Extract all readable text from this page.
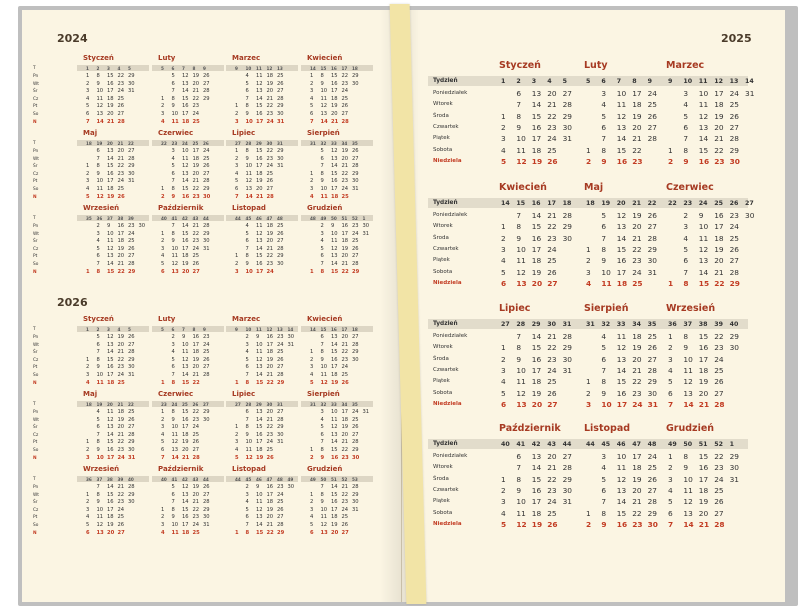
2024
2026
Styczeń
1 2 3 4 5
1 8 15 22 29
2 9 16 23 30
3 10 17 24 31
4 11 18 25
5 12 19 26
6 13 20 27
7 14 21 28
T
Pn
Wt
Śr
Cz
Pt
So
N
Luty
5 6 7 8 9
5 12 19 26
6 13 20 27
7 14 21 28
1 8 15 22 29
2 9 16 23
3 10 17 24
4 11 18 25
Marzec
9 10 11 12 13
4 11 18 25
5 12 19 26
6 13 20 27
7 14 21 28
1 8 15 22 29
2 9 16 23 30
3 10 17 24 31
Kwiecień
14 15 16 17 18
1 8 15 22 29
2 9 16 23 30
3 10 17 24
4 11 18 25
5 12 19 26
6 13 20 27
7 14 21 28
Maj
18 19 20 21 22
6 13 20 27
7 14 21 28
1 8 15 22 29
2 9 16 23 30
3 10 17 24 31
4 11 18 25
5 12 19 26
T
Pn
Wt
Śr
Cz
Pt
So
N
Czerwiec
22 23 24 25 26
3 10 17 24
4 11 18 25
5 12 19 26
6 13 20 27
7 14 21 28
1 8 15 22 29
2 9 16 23 30
Lipiec
27 28 29 30 31
1 8 15 22 29
2 9 16 23 30
3 10 17 24 31
4 11 18 25
5 12 19 26
6 13 20 27
7 14 21 28
Sierpień
31 32 33 34 35
5 12 19 26
6 13 20 27
7 14 21 28
1 8 15 22 29
2 9 16 23 30
3 10 17 24 31
4 11 18 25
Wrzesień
35 36 37 38 39
2 9 16 23 30
3 10 17 24
4 11 18 25
5 12 19 26
6 13 20 27
7 14 21 28
1 8 15 22 29
T
Pn
Wt
Śr
Cz
Pt
So
N
Październik
40 41 42 43 44
7 14 21 28
1 8 15 22 29
2 9 16 23 30
3 10 17 24 31
4 11 18 25
5 12 19 26
6 13 20 27
Listopad
44 45 46 47 48
4 11 18 25
5 12 19 26
6 13 20 27
7 14 21 28
1 8 15 22 29
2 9 16 23 30
3 10 17 24
Grudzień
48 49 50 51 52 1
2 9 16 23 30
3 10 17 24 31
4 11 18 25
5 12 19 26
6 13 20 27
7 14 21 28
1 8 15 22 29
Styczeń
1 2 3 4 5
5 12 19 26
6 13 20 27
7 14 21 28
1 8 15 22 29
2 9 16 23 30
3 10 17 24 31
4 11 18 25
T
Pn
Wt
Śr
Cz
Pt
So
N
Luty
5 6 7 8 9
2 9 16 23
3 10 17 24
4 11 18 25
5 12 19 26
6 13 20 27
7 14 21 28
1 8 15 22
Marzec
9 10 11 12 13 14
2 9 16 23 30
3 10 17 24 31
4 11 18 25
5 12 19 26
6 13 20 27
7 14 21 28
1 8 15 22 29
Kwiecień
14 15 16 17 18
6 13 20 27
7 14 21 28
1 8 15 22 29
2 9 16 23 30
3 10 17 24
4 11 18 25
5 12 19 26
Maj
18 19 20 21 22
4 11 18 25
5 12 19 26
6 13 20 27
7 14 21 28
1 8 15 22 29
2 9 16 23 30
3 10 17 24 31
T
Pn
Wt
Śr
Cz
Pt
So
N
Czerwiec
23 24 25 26 27
1 8 15 22 29
2 9 16 23 30
3 10 17 24
4 11 18 25
5 12 19 26
6 13 20 27
7 14 21 28
Lipiec
27 28 29 30 31
6 13 20 27
7 14 21 28
1 8 15 22 29
2 9 16 23 30
3 10 17 24 31
4 11 18 25
5 12 19 26
Sierpień
31 32 33 34 35
3 10 17 24 31
4 11 18 25
5 12 19 26
6 13 20 27
7 14 21 28
1 8 15 22 29
2 9 16 23 30
Wrzesień
36 37 38 39 40
7 14 21 28
1 8 15 22 29
2 9 16 23 30
3 10 17 24
4 11 18 25
5 12 19 26
6 13 20 27
T
Pn
Wt
Śr
Cz
Pt
So
N
Październik
40 41 42 43 44
5 12 19 26
6 13 20 27
7 14 21 28
1 8 15 22 29
2 9 16 23 30
3 10 17 24 31
4 11 18 25
Listopad
44 45 46 47 48 49
2 9 16 23 30
3 10 17 24
4 11 18 25
5 12 19 26
6 13 20 27
7 14 21 28
1 8 15 22 29
Grudzień
49 50 51 52 53
7 14 21 28
1 8 15 22 29
2 9 16 23 30
3 10 17 24 31
4 11 18 25
5 12 19 26
6 13 20 27
2025
Styczeń
Tydzień
Poniedziałek
Wtorek
Środa
Czwartek
Piątek
Sobota
Niedziela
1 2 3 4 5
6 13 20 27
7 14 21 28
1 8 15 22 29
2 9 16 23 30
3 10 17 24 31
4 11 18 25
5 12 19 26
Luty
5 6 7 8 9
3 10 17 24
4 11 18 25
5 12 19 26
6 13 20 27
7 14 21 28
1 8 15 22
2 9 16 23
Marzec
9 10 11 12 13 14
3 10 17 24 31
4 11 18 25
5 12 19 26
6 13 20 27
7 14 21 28
1 8 15 22 29
2 9 16 23 30
Kwiecień
Tydzień
Poniedziałek
Wtorek
Środa
Czwartek
Piątek
Sobota
Niedziela
14 15 16 17 18
7 14 21 28
1 8 15 22 29
2 9 16 23 30
3 10 17 24
4 11 18 25
5 12 19 26
6 13 20 27
Maj
18 19 20 21 22
5 12 19 26
6 13 20 27
7 14 21 28
1 8 15 22 29
2 9 16 23 30
3 10 17 24 31
4 11 18 25
Czerwiec
22 23 24 25 26 27
2 9 16 23 30
3 10 17 24
4 11 18 25
5 12 19 26
6 13 20 27
7 14 21 28
1 8 15 22 29
Lipiec
Tydzień
Poniedziałek
Wtorek
Środa
Czwartek
Piątek
Sobota
Niedziela
27 28 29 30 31
7 14 21 28
1 8 15 22 29
2 9 16 23 30
3 10 17 24 31
4 11 18 25
5 12 19 26
6 13 20 27
Sierpień
31 32 33 34 35
4 11 18 25
5 12 19 26
6 13 20 27
7 14 21 28
1 8 15 22 29
2 9 16 23 30
3 10 17 24 31
Wrzesień
36 37 38 39 40
1 8 15 22 29
2 9 16 23 30
3 10 17 24
4 11 18 25
5 12 19 26
6 13 20 27
7 14 21 28
Październik
Tydzień
Poniedziałek
Wtorek
Środa
Czwartek
Piątek
Sobota
Niedziela
40 41 42 43 44
6 13 20 27
7 14 21 28
1 8 15 22 29
2 9 16 23 30
3 10 17 24 31
4 11 18 25
5 12 19 26
Listopad
44 45 46 47 48
3 10 17 24
4 11 18 25
5 12 19 26
6 13 20 27
7 14 21 28
1 8 15 22 29
2 9 16 23 30
Grudzień
49 50 51 52 1
1 8 15 22 29
2 9 16 23 30
3 10 17 24 31
4 11 18 25
5 12 19 26
6 13 20 27
7 14 21 28
